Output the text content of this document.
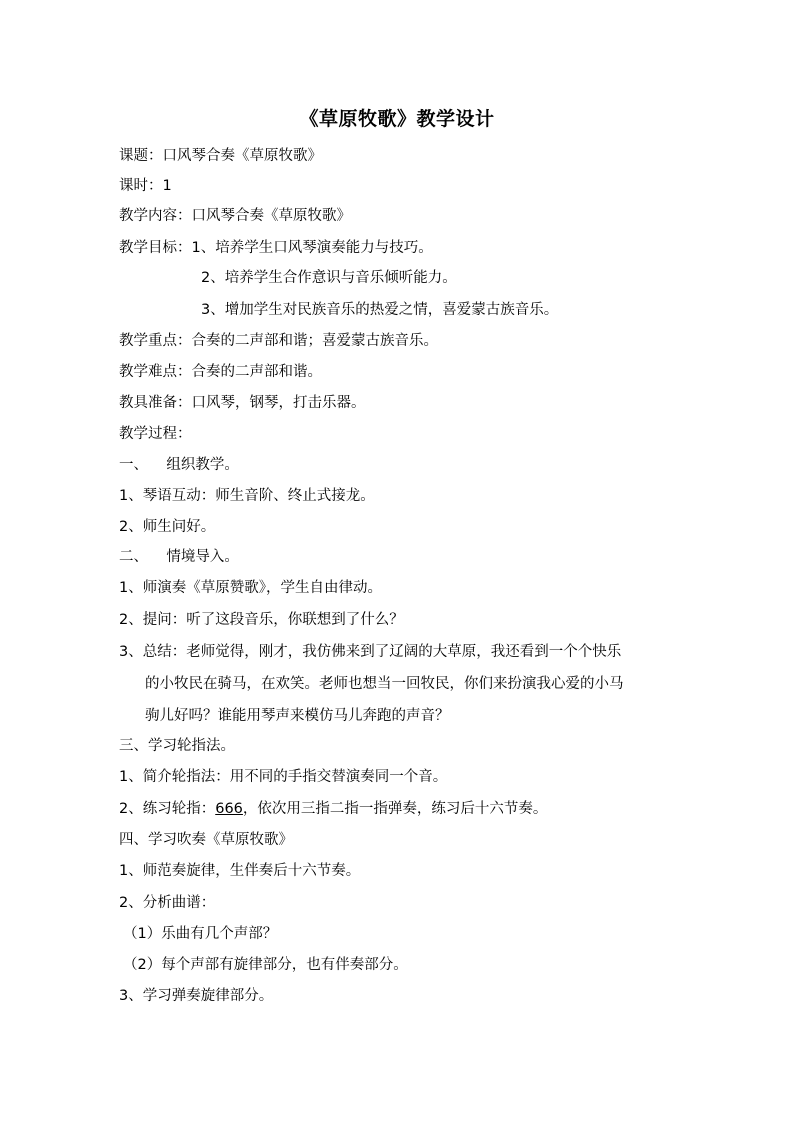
《草原牧歌》教学设计
课题：口风琴合奏《草原牧歌》
课时：1
教学内容：口风琴合奏《草原牧歌》
教学目标：1、培养学生口风琴演奏能力与技巧。
2、培养学生合作意识与音乐倾听能力。
3、增加学生对民族音乐的热爱之情，喜爱蒙古族音乐。
教学重点：合奏的二声部和谐；喜爱蒙古族音乐。
教学难点：合奏的二声部和谐。
教具准备：口风琴，钢琴，打击乐器。
教学过程：
一、    组织教学。
1、琴语互动：师生音阶、终止式接龙。
2、师生问好。
二、    情境导入。
1、师演奏《草原赞歌》，学生自由律动。
2、提问：听了这段音乐，你联想到了什么？
3、总结：老师觉得，刚才，我仿佛来到了辽阔的大草原，我还看到一个个快乐
的小牧民在骑马，在欢笑。老师也想当一回牧民，你们来扮演我心爱的小马
驹儿好吗？谁能用琴声来模仿马儿奔跑的声音？
三、学习轮指法。
1、简介轮指法：用不同的手指交替演奏同一个音。
2、练习轮指：666，依次用三指二指一指弹奏，练习后十六节奏。
四、学习吹奏《草原牧歌》
1、师范奏旋律，生伴奏后十六节奏。
2、分析曲谱：
（1）乐曲有几个声部？
（2）每个声部有旋律部分，也有伴奏部分。
3、学习弹奏旋律部分。
